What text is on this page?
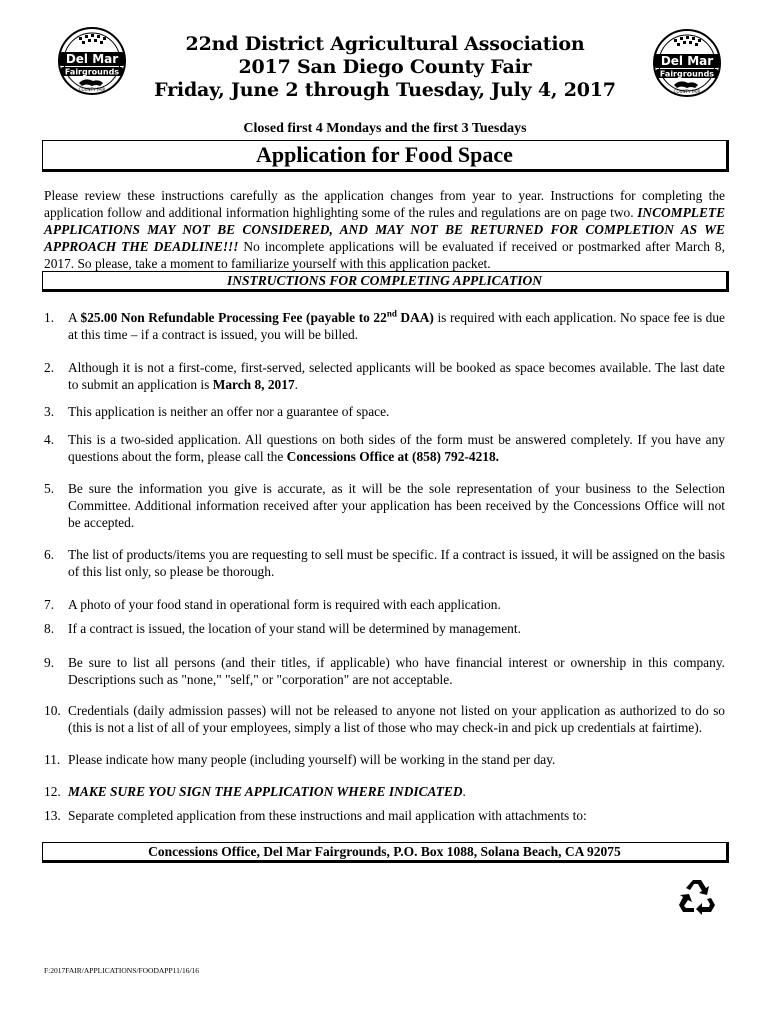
Del Mar
Fairgrounds
COUNTY FAIR
Del Mar
Fairgrounds
COUNTY FAIR
22nd District Agricultural Association
2017 San Diego County Fair
Friday, June 2 through Tuesday, July 4, 2017
Closed first 4 Mondays and the first 3 Tuesdays
Application for Food Space
Please review these instructions carefully as the application changes from year to year. Instructions for completing the application follow and additional information highlighting some of the rules and regulations are on page two. INCOMPLETE APPLICATIONS MAY NOT BE CONSIDERED, AND MAY NOT BE RETURNED FOR COMPLETION AS WE APPROACH THE DEADLINE!!! No incomplete applications will be evaluated if received or postmarked after March 8, 2017. So please, take a moment to familiarize yourself with this application packet.
INSTRUCTIONS FOR COMPLETING APPLICATION
1. A $25.00 Non Refundable Processing Fee (payable to 22nd DAA) is required with each application. No space fee is due at this time – if a contract is issued, you will be billed.
2. Although it is not a first-come, first-served, selected applicants will be booked as space becomes available. The last date to submit an application is March 8, 2017.
3. This application is neither an offer nor a guarantee of space.
4. This is a two-sided application. All questions on both sides of the form must be answered completely. If you have any questions about the form, please call the Concessions Office at (858) 792-4218.
5. Be sure the information you give is accurate, as it will be the sole representation of your business to the Selection Committee. Additional information received after your application has been received by the Concessions Office will not be accepted.
6. The list of products/items you are requesting to sell must be specific. If a contract is issued, it will be assigned on the basis of this list only, so please be thorough.
7. A photo of your food stand in operational form is required with each application.
8. If a contract is issued, the location of your stand will be determined by management.
9. Be sure to list all persons (and their titles, if applicable) who have financial interest or ownership in this company. Descriptions such as "none," "self," or "corporation" are not acceptable.
10. Credentials (daily admission passes) will not be released to anyone not listed on your application as authorized to do so (this is not a list of all of your employees, simply a list of those who may check-in and pick up credentials at fairtime).
11. Please indicate how many people (including yourself) will be working in the stand per day.
12. MAKE SURE YOU SIGN THE APPLICATION WHERE INDICATED.
13. Separate completed application from these instructions and mail application with attachments to:
Concessions Office, Del Mar Fairgrounds, P.O. Box 1088, Solana Beach, CA 92075
F:2017FAIR/APPLICATIONS/FOODAPP11/16/16
